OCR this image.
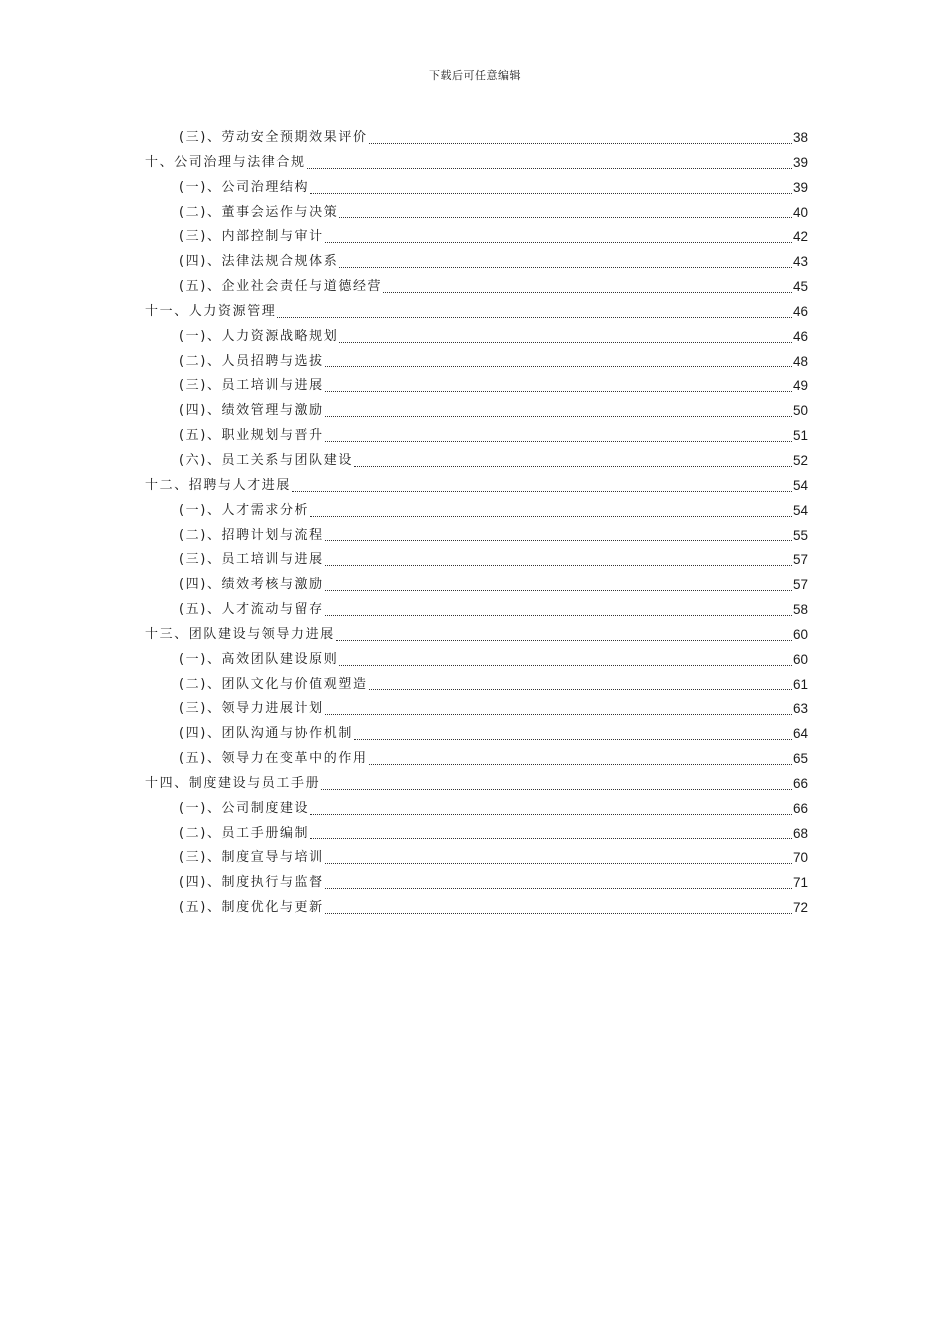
下载后可任意编辑
(三)、劳动安全预期效果评价	38
十、公司治理与法律合规	39
(一)、公司治理结构	39
(二)、董事会运作与决策	40
(三)、内部控制与审计	42
(四)、法律法规合规体系	43
(五)、企业社会责任与道德经营	45
十一、人力资源管理	46
(一)、人力资源战略规划	46
(二)、人员招聘与选拔	48
(三)、员工培训与进展	49
(四)、绩效管理与激励	50
(五)、职业规划与晋升	51
(六)、员工关系与团队建设	52
十二、招聘与人才进展	54
(一)、人才需求分析	54
(二)、招聘计划与流程	55
(三)、员工培训与进展	57
(四)、绩效考核与激励	57
(五)、人才流动与留存	58
十三、团队建设与领导力进展	60
(一)、高效团队建设原则	60
(二)、团队文化与价值观塑造	61
(三)、领导力进展计划	63
(四)、团队沟通与协作机制	64
(五)、领导力在变革中的作用	65
十四、制度建设与员工手册	66
(一)、公司制度建设	66
(二)、员工手册编制	68
(三)、制度宣导与培训	70
(四)、制度执行与监督	71
(五)、制度优化与更新	72
